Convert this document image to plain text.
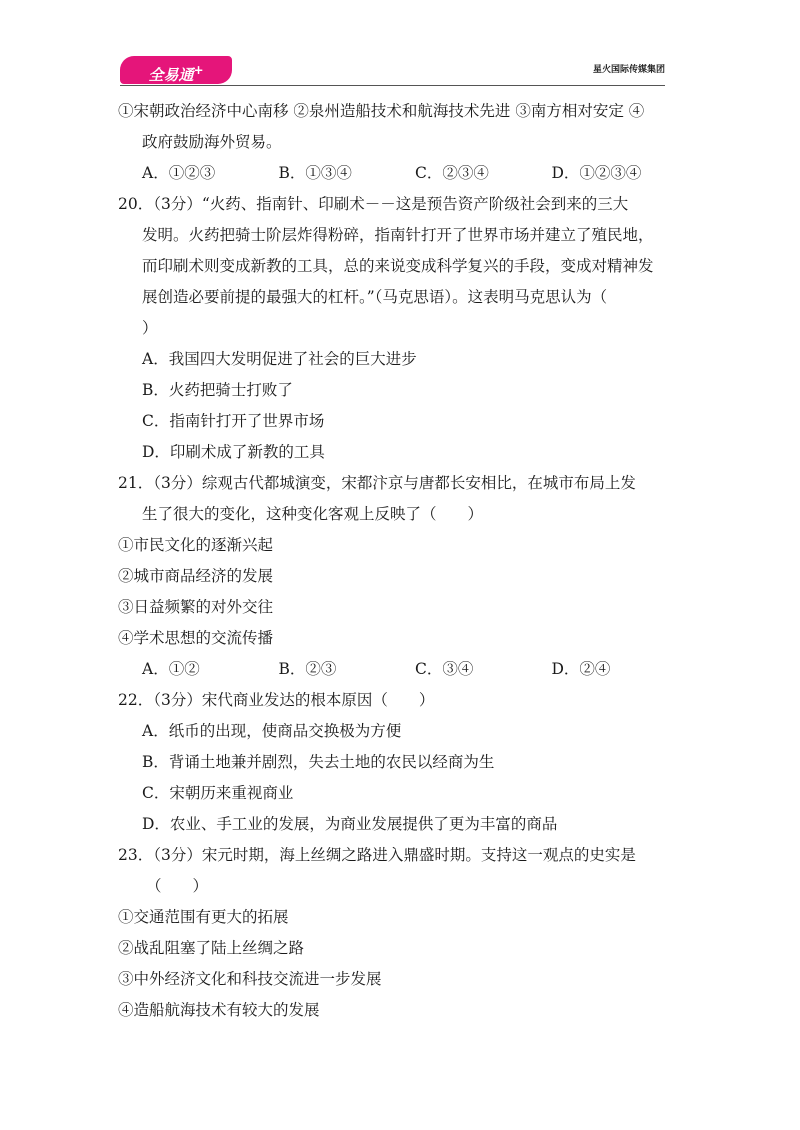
全易通+	星火国际传媒集团
①宋朝政治经济中心南移 ②泉州造船技术和航海技术先进 ③南方相对安定 ④
政府鼓励海外贸易。
A．①②③	B．①③④	C．②③④	D．①②③④
20．（3分）“火药、指南针、印刷术－－这是预告资产阶级社会到来的三大
发明。火药把骑士阶层炸得粉碎，指南针打开了世界市场并建立了殖民地，
而印刷术则变成新教的工具，总的来说变成科学复兴的手段，变成对精神发
展创造必要前提的最强大的杠杆。”（马克思语）。这表明马克思认为（
）
A．我国四大发明促进了社会的巨大进步
B．火药把骑士打败了
C．指南针打开了世界市场
D．印刷术成了新教的工具
21．（3分）综观古代都城演变，宋都汴京与唐都长安相比，在城市布局上发
生了很大的变化，这种变化客观上反映了（　　）
①市民文化的逐渐兴起
②城市商品经济的发展
③日益频繁的对外交往
④学术思想的交流传播
A．①②	B．②③	C．③④	D．②④
22．（3分）宋代商业发达的根本原因（　　）
A．纸币的出现，使商品交换极为方便
B．背诵土地兼并剧烈，失去土地的农民以经商为生
C．宋朝历来重视商业
D．农业、手工业的发展，为商业发展提供了更为丰富的商品
23．（3分）宋元时期，海上丝绸之路进入鼎盛时期。支持这一观点的史实是
（　　）
①交通范围有更大的拓展
②战乱阻塞了陆上丝绸之路
③中外经济文化和科技交流进一步发展
④造船航海技术有较大的发展
